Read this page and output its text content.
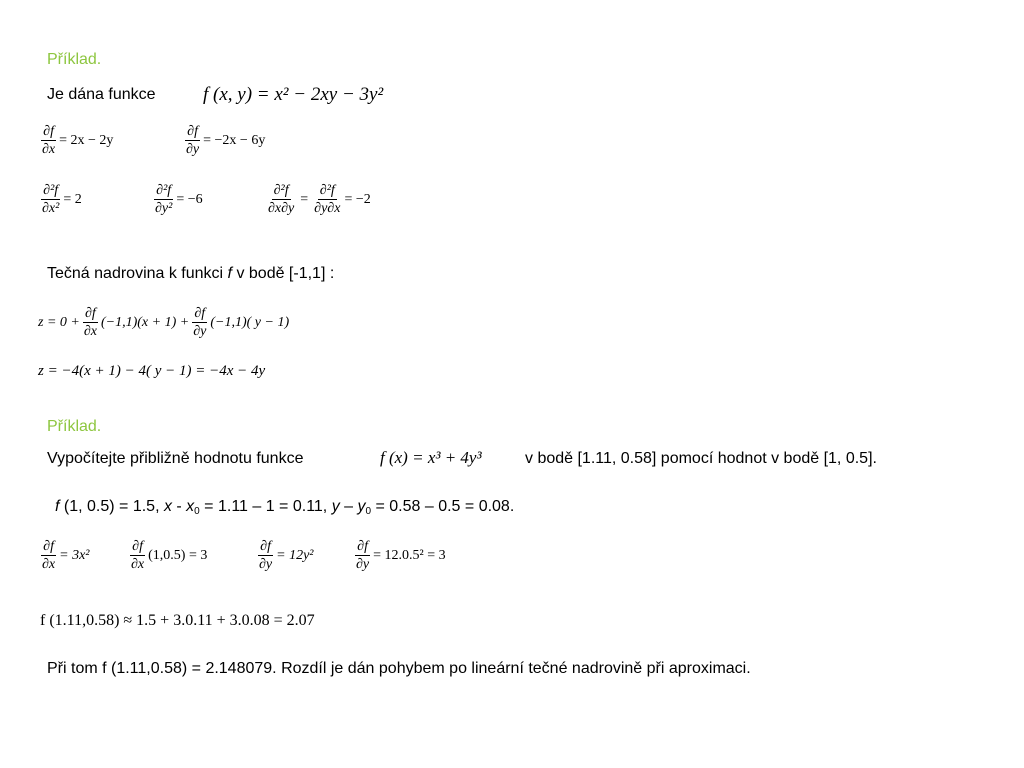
Příklad.
Je dána funkce f (x, y) = x² − 2xy − 3y²
$\frac{\partial f}{\partial x} = 2x - 2y$	$\frac{\partial f}{\partial y} = -2x - 6y$
$\frac{\text{∂²f}}{\text{∂x²}} = 2$	$\frac{\text{∂²f}}{\text{∂y²}} = -6$	$\frac{\text{∂²f}}{\partial x\partial y} = \frac{\text{∂²f}}{\partial y\partial x} = -2$
Tečná nadrovina k funkci f v bodě [-1,1] :
$z = 0 + \frac{\partial f}{\partial x} (-1,1)(x + 1) + \frac{\partial f}{\partial y} (-1,1)$( y − 1)
z = −4(x + 1) − 4( y − 1) = −4x − 4y
Příklad.
Vypočítejte přibližně hodnotu funkce	f (x) = x³ + 4y³	v bodě [1.11, 0.58] pomocí hodnot v bodě [1, 0.5].
f (1, 0.5) = 1.5, $x - x_0 = 1.11 - 1 = 0.11$, $y - y_0 = 0.58 - 0.5 = 0.08$.
$\frac{\partial f}{\partial x} = 3x^2$	$\frac{\partial f}{\partial x} (1,0.5) = 3$	$\frac{\partial f}{\partial y} = 12y^2$	$\frac{\partial f}{\partial y} = 12.0.5^2 = 3$
f (1.11,0.58) ≈ 1.5 + 3.0.11 + 3.0.08 = 2.07
Při tom f (1.11,0.58) = 2.148079. Rozdíl je dán pohybem po lineární tečné nadrovině při aproximaci.
